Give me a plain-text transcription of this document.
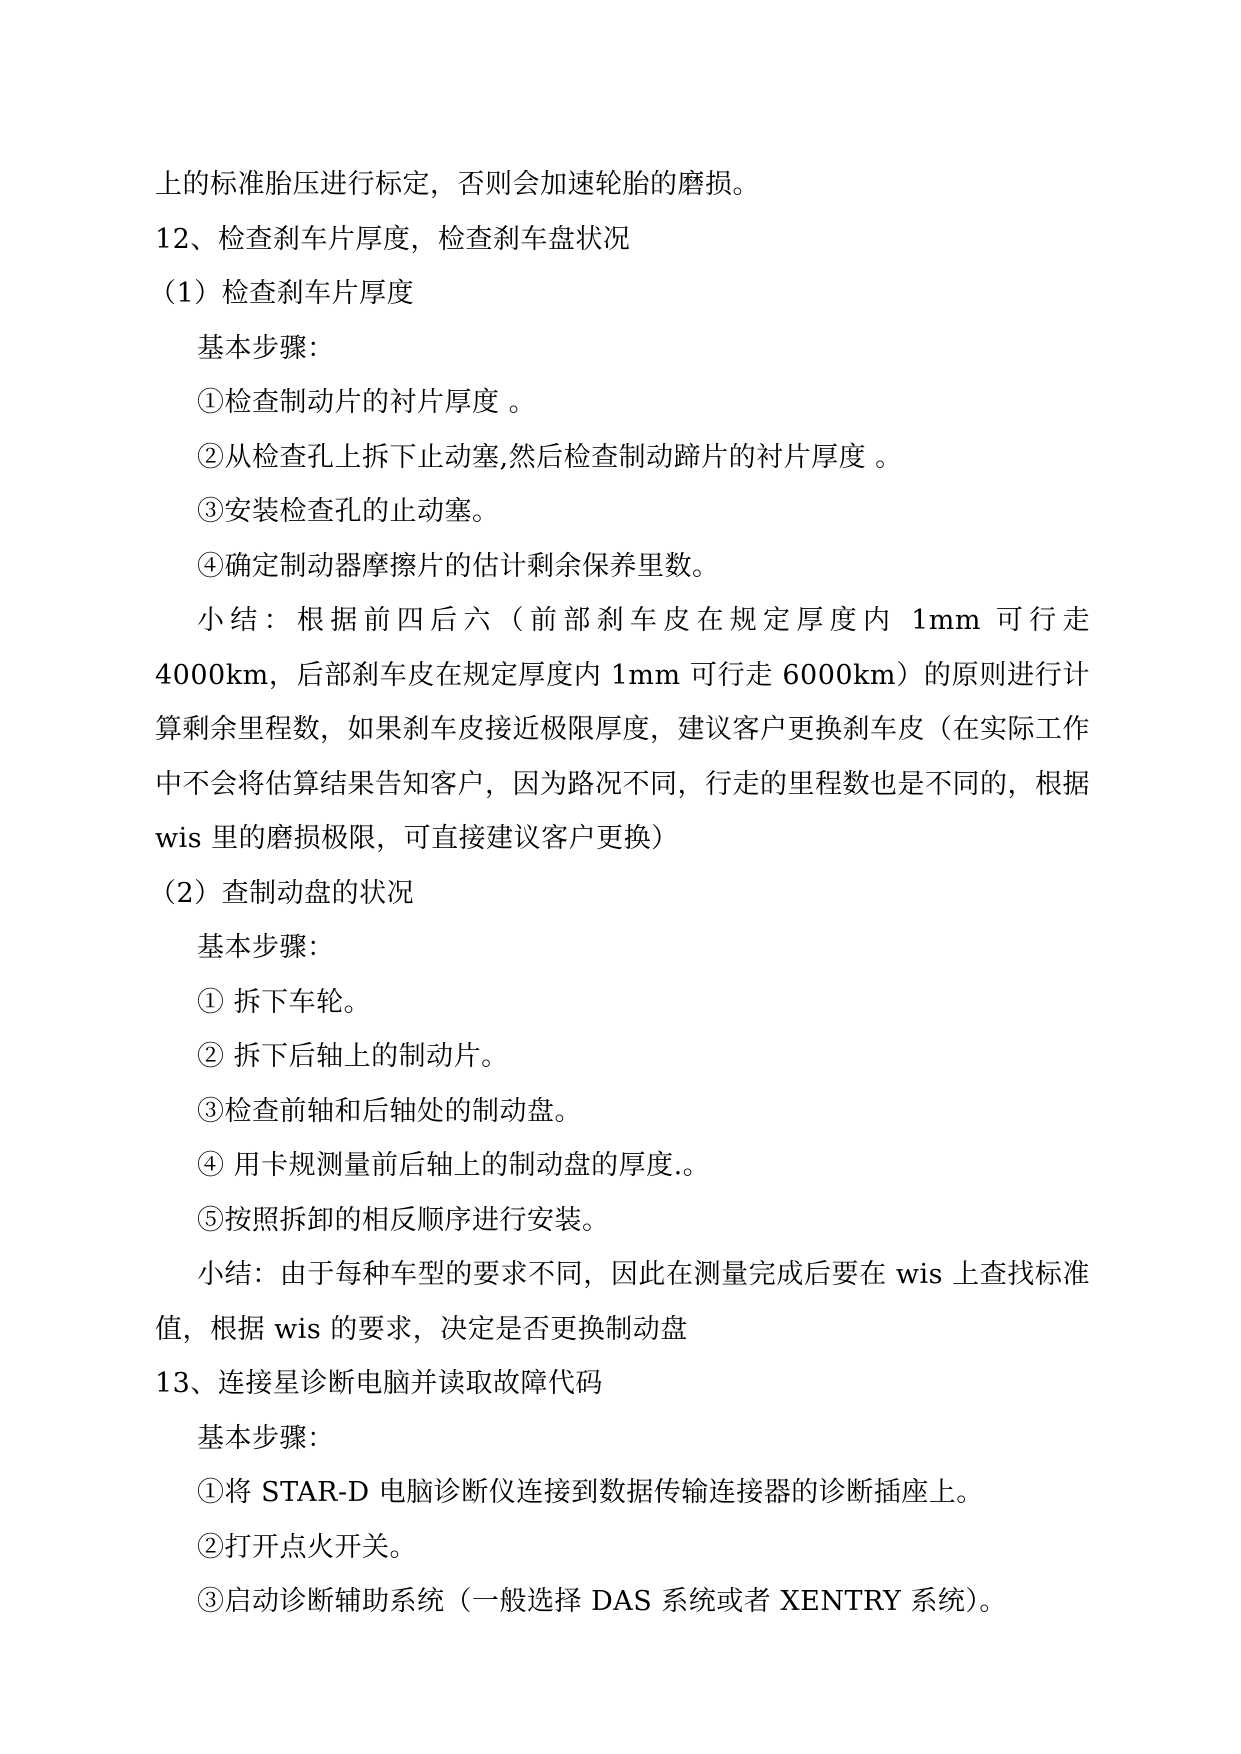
上的标准胎压进行标定，否则会加速轮胎的磨损。
12、检查刹车片厚度，检查刹车盘状况
（1）检查刹车片厚度
基本步骤：
①检查制动片的衬片厚度 。
②从检查孔上拆下止动塞,然后检查制动蹄片的衬片厚度 。
③安装检查孔的止动塞。
④确定制动器摩擦片的估计剩余保养里数。
小结：根据前四后六（前部刹车皮在规定厚度内 1mm 可行走 4000km，后部刹车皮在规定厚度内 1mm 可行走 6000km）的原则进行计算剩余里程数，如果刹车皮接近极限厚度，建议客户更换刹车皮（在实际工作中不会将估算结果告知客户，因为路况不同，行走的里程数也是不同的，根据 wis 里的磨损极限，可直接建议客户更换）
（2）查制动盘的状况
基本步骤：
① 拆下车轮。
② 拆下后轴上的制动片。
③检查前轴和后轴处的制动盘。
④ 用卡规测量前后轴上的制动盘的厚度.。
⑤按照拆卸的相反顺序进行安装。
小结：由于每种车型的要求不同，因此在测量完成后要在 wis 上查找标准值，根据 wis 的要求，决定是否更换制动盘
13、连接星诊断电脑并读取故障代码
基本步骤：
①将 STAR-D 电脑诊断仪连接到数据传输连接器的诊断插座上。
②打开点火开关。
③启动诊断辅助系统（一般选择 DAS 系统或者 XENTRY 系统）。
